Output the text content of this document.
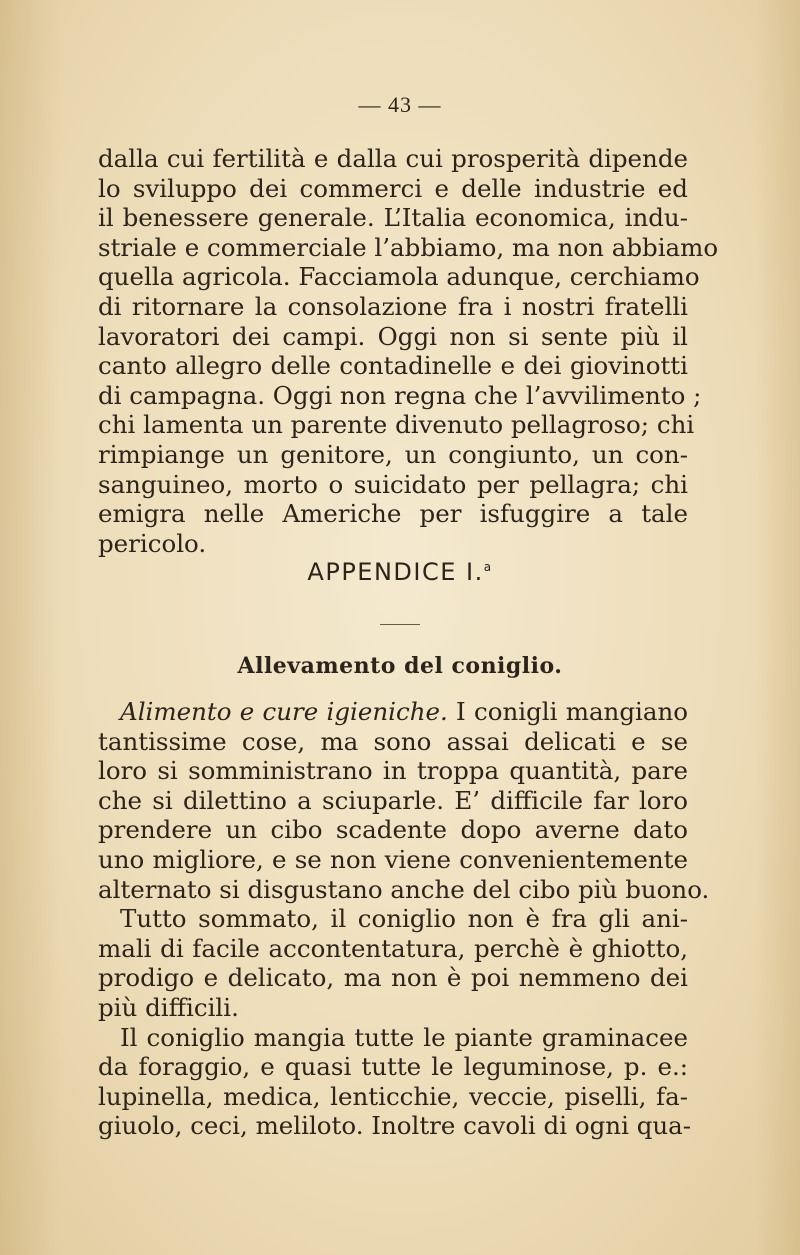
— 43 —
dalla cui fertilità e dalla cui prosperità dipende
lo sviluppo dei commerci e delle industrie ed
il benessere generale. L’Italia economica, indu-
striale e commerciale l’abbiamo, ma non abbiamo
quella agricola. Facciamola adunque, cerchiamo
di ritornare la consolazione fra i nostri fratelli
lavoratori dei campi. Oggi non si sente più il
canto allegro delle contadinelle e dei giovinotti
di campagna. Oggi non regna che l’avvilimento ;
chi lamenta un parente divenuto pellagroso; chi
rimpiange un genitore, un congiunto, un con-
sanguineo, morto o suicidato per pellagra; chi
emigra nelle Americhe per isfuggire a tale
pericolo.
APPENDICE I.$^a$
Allevamento del coniglio.
Alimento e cure igieniche. I conigli mangiano
tantissime cose, ma sono assai delicati e se
loro si somministrano in troppa quantità, pare
che si dilettino a sciuparle. E’ difficile far loro
prendere un cibo scadente dopo averne dato
uno migliore, e se non viene convenientemente
alternato si disgustano anche del cibo più buono.
Tutto sommato, il coniglio non è fra gli ani-
mali di facile accontentatura, perchè è ghiotto,
prodigo e delicato, ma non è poi nemmeno dei
più difficili.
Il coniglio mangia tutte le piante graminacee
da foraggio, e quasi tutte le leguminose, p. e.:
lupinella, medica, lenticchie, veccie, piselli, fa-
giuolo, ceci, meliloto. Inoltre cavoli di ogni qua-
